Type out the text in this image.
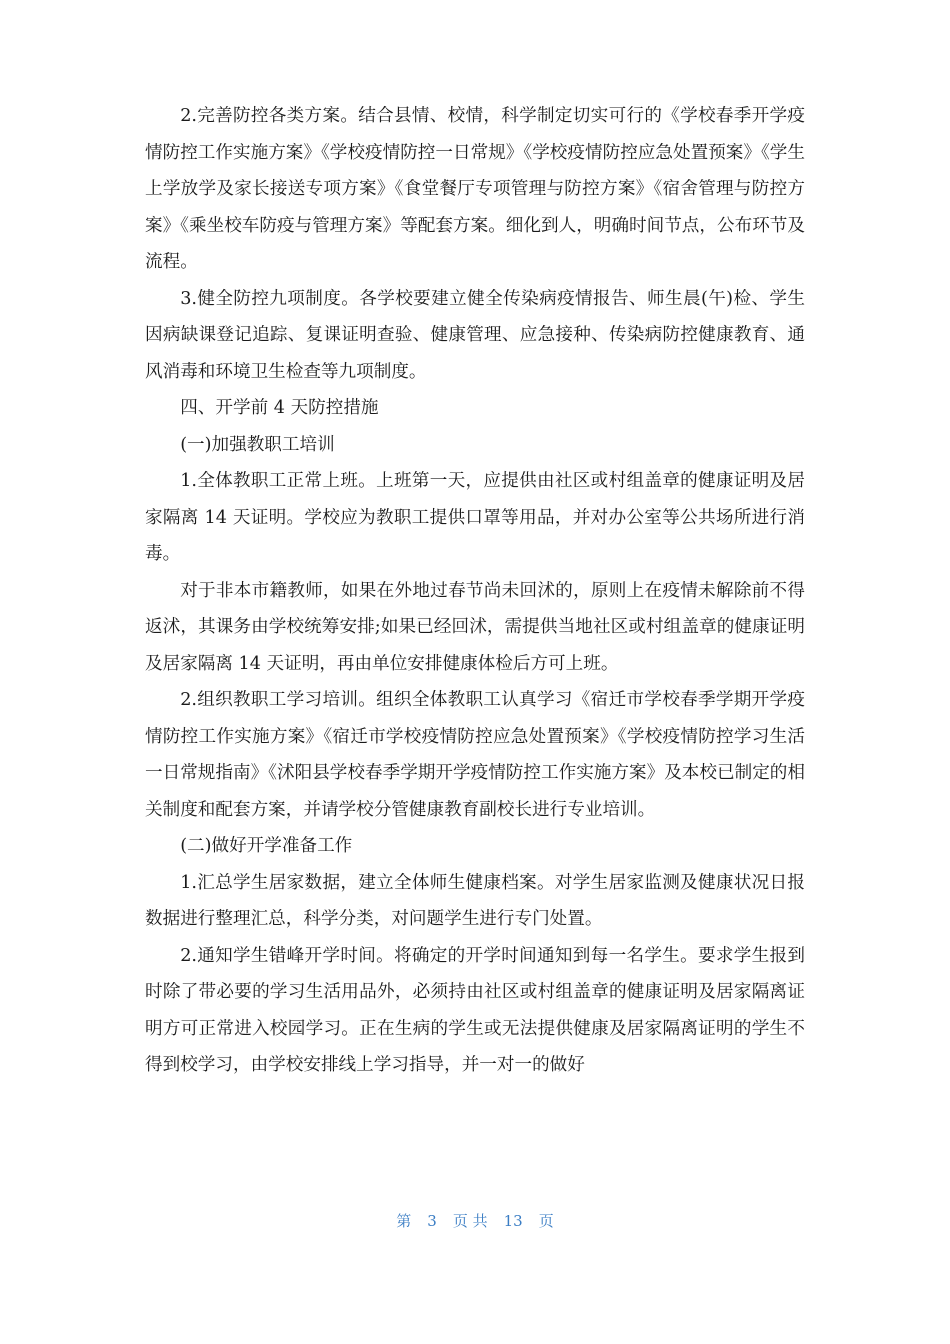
2.完善防控各类方案。结合县情、校情，科学制定切实可行的《学校春季开学疫情防控工作实施方案》《学校疫情防控一日常规》《学校疫情防控应急处置预案》《学生上学放学及家长接送专项方案》《食堂餐厅专项管理与防控方案》《宿舍管理与防控方案》《乘坐校车防疫与管理方案》等配套方案。细化到人，明确时间节点，公布环节及流程。

3.健全防控九项制度。各学校要建立健全传染病疫情报告、师生晨(午)检、学生因病缺课登记追踪、复课证明查验、健康管理、应急接种、传染病防控健康教育、通风消毒和环境卫生检查等九项制度。

四、开学前 4 天防控措施

(一)加强教职工培训

1.全体教职工正常上班。上班第一天，应提供由社区或村组盖章的健康证明及居家隔离 14 天证明。学校应为教职工提供口罩等用品，并对办公室等公共场所进行消毒。

对于非本市籍教师，如果在外地过春节尚未回沭的，原则上在疫情未解除前不得返沭，其课务由学校统筹安排;如果已经回沭，需提供当地社区或村组盖章的健康证明及居家隔离 14 天证明，再由单位安排健康体检后方可上班。

2.组织教职工学习培训。组织全体教职工认真学习《宿迁市学校春季学期开学疫情防控工作实施方案》《宿迁市学校疫情防控应急处置预案》《学校疫情防控学习生活一日常规指南》《沭阳县学校春季学期开学疫情防控工作实施方案》及本校已制定的相关制度和配套方案，并请学校分管健康教育副校长进行专业培训。

(二)做好开学准备工作

1.汇总学生居家数据，建立全体师生健康档案。对学生居家监测及健康状况日报数据进行整理汇总，科学分类，对问题学生进行专门处置。

2.通知学生错峰开学时间。将确定的开学时间通知到每一名学生。要求学生报到时除了带必要的学习生活用品外，必须持由社区或村组盖章的健康证明及居家隔离证明方可正常进入校园学习。正在生病的学生或无法提供健康及居家隔离证明的学生不得到校学习，由学校安排线上学习指导，并一对一的做好

第 3 页 共 13 页
